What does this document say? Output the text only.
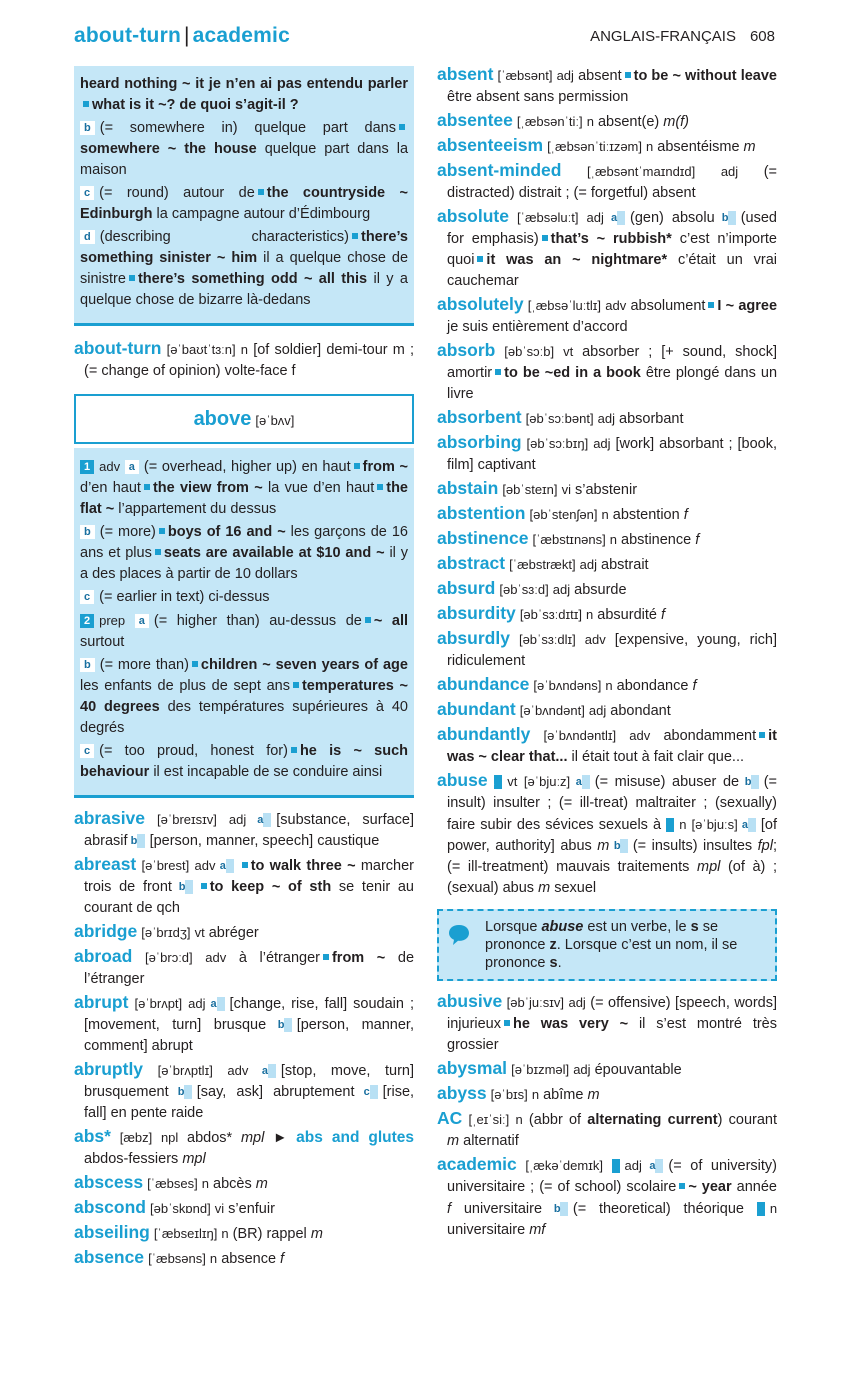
about-turn | academic	ANGLAIS-FRANÇAIS 608
heard nothing ~ it je n’en ai pas entendu parlerwhat is it ~? de quoi s’agit-il ?
b (= somewhere in) quelque part danssomewhere ~ the house quelque part dans la maison
c (= round) autour de the countryside ~ Edinburgh la campagne autour d’Édimbourg
d (describing characteristics) there’s something sinister ~ him il a quelque chose de sinistre there’s something odd ~ all this il y a quelque chose de bizarre là-dedans
about-turn [əˈbaʊtˈtɜːn] n [of soldier] demi-tour m ; (= change of opinion) volte-face f
above [əˈbʌv]
1 adv a (= overhead, higher up) en haut from ~ d’en haut the view from ~ la vue d’en haut the flat ~ l’appartement du dessus
b (= more) boys of 16 and ~ les garçons de 16 ans et plus seats are available at $10 and ~ il y a des places à partir de 10 dollars
c (= earlier in text) ci-dessus
2 prep a (= higher than) au-dessus de ~ all surtout
b (= more than) children ~ seven years of age les enfants de plus de sept ans temperatures ~ 40 degrees des températures supérieures à 40 degrés
c (= too proud, honest for) he is ~ such behaviour il est incapable de se conduire ainsi
abrasive [əˈbreɪsɪv] adj a [substance, surface] abrasif b [person, manner, speech] caustique
abreast [əˈbrest] adv a to walk three ~ marcher trois de front b to keep ~ of sth se tenir au courant de qch
abridge [əˈbrɪdʒ] vt abréger
abroad [əˈbrɔːd] adv à l’étranger from ~ de l’étranger
abrupt [əˈbrʌpt] adj a [change, rise, fall] soudain ; [movement, turn] brusque b [person, manner, comment] abrupt
abruptly [əˈbrʌptlɪ] adv a [stop, move, turn] brusquement b [say, ask] abruptement c [rise, fall] en pente raide
abs* [æbz] npl abdos* mpl ► abs and glutes abdos-fessiers mpl
abscess [ˈæbses] n abcès m
abscond [əbˈskɒnd] vi s’enfuir
abseiling [ˈæbseɪlɪŋ] n (BR) rappel m
absence [ˈæbsəns] n absence f
absent [ˈæbsənt] adj absent to be ~ without leave être absent sans permission
absentee [ˌæbsənˈtiː] n absent(e) m(f)
absenteeism [ˌæbsənˈtiːɪzəm] n absentéisme m
absent-minded [ˌæbsəntˈmaɪndɪd] adj (= distracted) distrait ; (= forgetful) absent
absolute [ˈæbsəluːt] adj a (gen) absolu b (used for emphasis) that’s ~ rubbish* c’est n’importe quoi it was an ~ nightmare* c’était un vrai cauchemar
absolutely [ˌæbsəˈluːtlɪ] adv absolument I ~ agree je suis entièrement d’accord
absorb [əbˈsɔːb] vt absorber ; [+ sound, shock] amortir to be ~ed in a book être plongé dans un livre
absorbent [əbˈsɔːbənt] adj absorbant
absorbing [əbˈsɔːbɪŋ] adj [work] absorbant ; [book, film] captivant
abstain [əbˈsteɪn] vi s’abstenir
abstention [əbˈstenʃən] n abstention f
abstinence [ˈæbstɪnəns] n abstinence f
abstract [ˈæbstrækt] adj abstrait
absurd [əbˈsɜːd] adj absurde
absurdity [əbˈsɜːdɪtɪ] n absurdité f
absurdly [əbˈsɜːdlɪ] adv [expensive, young, rich] ridiculement
abundance [əˈbʌndəns] n abondance f
abundant [əˈbʌndənt] adj abondant
abundantly [əˈbʌndəntlɪ] adv abondamment it was ~ clear that... il était tout à fait clair que...
abuse 1 vt [əˈbjuːz] a (= misuse) abuser de b (= insult) insulter ; (= ill-treat) maltraiter ; (sexually) faire subir des sévices sexuels à 2 n [əˈbjuːs] a [of power, authority] abus m b (= insults) insultes fpl; (= ill-treatment) mauvais traitements mpl (of à) ; (sexual) abus m sexuel
Lorsque abuse est un verbe, le s se prononce z. Lorsque c’est un nom, il se prononce s.
abusive [əbˈjuːsɪv] adj (= offensive) [speech, words] injurieux he was very ~ il s’est montré très grossier
abysmal [əˈbɪzməl] adj épouvantable
abyss [əˈbɪs] n abîme m
AC [ˌeɪˈsiː] n (abbr of alternating current) courant m alternatif
academic [ˌækəˈdemɪk] 1 adj a (= of university) universitaire ; (= of school) scolaire ~ year année f universitaire b (= theoretical) théorique 2 n universitaire mf
